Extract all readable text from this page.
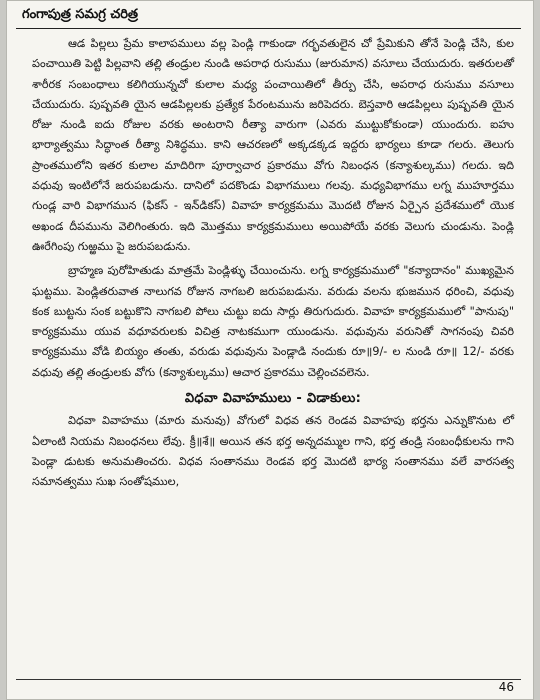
గంగాపుత్ర సమగ్ర చరిత్ర

ఆడ పిల్లలు ప్రేమ కాలాపములు వల్ల పెండ్లి గాకుండా గర్భవతులైన చో ప్రేమికుని తోనే పెండ్లి చేసి, కుల పంచాయితి పెట్టి పిల్లవాని తల్లి తండ్రుల నుండి అపరాధ రుసుము (జురుమాన) వసూలు చేయుదురు. ఇతరులతో శారీరక సంబంధాలు కలిగియున్నచో కులాల మధ్య పంచాయితిలో తీర్పు చేసి, అపరాధ రుసుము వసూలు చేయుదురు. పుష్పవతి యైన ఆడపిల్లలకు ప్రత్యేక పేరంటమును జరిపెదరు. బెస్తవారి ఆడపిల్లలు పుష్పవతి యైన రోజు నుండి ఐదు రోజుల వరకు అంటరాని రీత్యా వారుగా (ఎవరు ముట్టుకోకుండా) యుందురు. ఐహు భార్యాత్వము సిద్ధాంత రీత్యా నిశిద్ధము. కాని ఆచరణలో అక్కడక్కడ ఇద్దరు భార్యలు కూడా గలరు. తెలుగు ప్రాంతములోని ఇతర కులాల మాదిరిగా పూర్వాచార ప్రకారము వోగు నిబంధన (కన్యాశుల్కము) గలదు. ఇది వధువు ఇంటిలోనే జరుపబడును. దానిలో పదకొండు విభాగములు గలవు. మధ్యవిభాగము లగ్న ముహూర్తము గుండ్ల వారి విభాగమున (ఫికస్ - ఇన్‌డికస్) వివాహ కార్యక్రమము మొదటి రోజున ఏర్పైన ప్రదేశములో యొక అఖండ దీపమును వెలిగింతురు. ఇది మొత్తము కార్యక్రమములు అయిపోయే వరకు వెలుగు చుండును. పెండ్లి ఊరేగింపు గుఱ్ఱము పై జరుపబడును.

బ్రాహ్మణ పురోహితుడు మాత్రమే పెండ్లిళ్ళు చేయించును. లగ్న కార్యక్రమములో "కన్యాదానం" ముఖ్యమైన ఘట్టము. పెండ్లితరువాత నాలుగవ రోజున నాగబలి జరుపబడును. వరుడు వలను భుజమున ధరించి, వధువు కంక బుట్టను సంక బట్టుకొని నాగబలి పోలు చుట్టు ఐదు సార్లు తిరుగుదురు. వివాహ కార్యక్రమములో "పానుపు" కార్యక్రమము యువ వధూవరులకు విచిత్ర నాటకముగా యుండును. వధువును వరునితో సాగనంపు చివరి కార్యక్రమము వోడి బియ్యం తంతు, వరుడు వధువును పెండ్లాడి నందుకు రూ॥9/- ల నుండి రూ॥ 12/- వరకు వధువు తల్లి తండ్రులకు వోగు (కన్యాశుల్కము) ఆచార ప్రకారము చెల్లించవలెను.

విధవా వివాహములు - విడాకులు:

విధవా వివాహము (మారు మనువు) వోగులో విధవ తన రెండవ వివాహపు భర్తను ఎన్నుకొనుట లో ఏలాంటి నియమ నిబంధనలు లేవు. క్రీ॥శే॥ అయిన తన భర్త అన్నదమ్ముల గాని, భర్త తండ్రి సంబంధీకులను గాని పెండ్లా డుటకు అనుమతించరు. విధవ సంతానము రెండవ భర్త మొదటి భార్య సంతానము వలే వారసత్వ సమానత్వము సుఖ సంతోషముల,

46
